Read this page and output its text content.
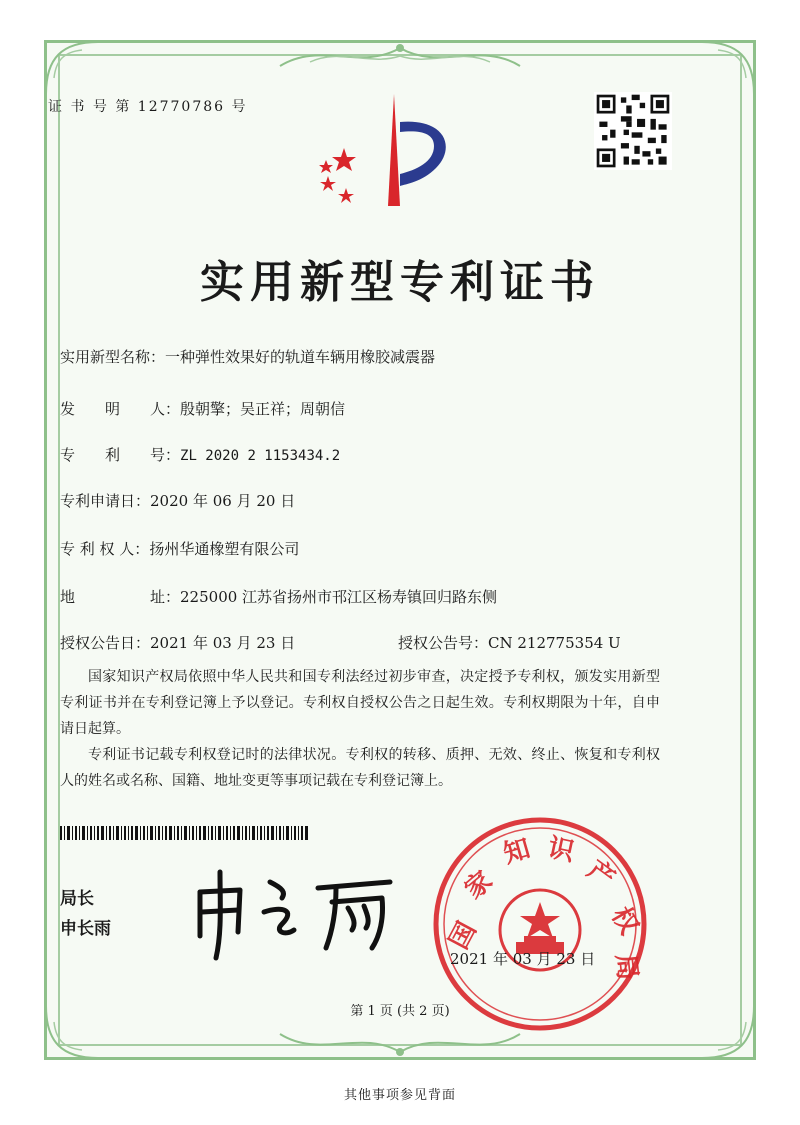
证 书 号 第 12770786 号
实用新型专利证书
实用新型名称：一种弹性效果好的轨道车辆用橡胶减震器
发　　明　　人：殷朝擎；吴正祥；周朝信
专　　利　　号：ZL 2020 2 1153434.2
专利申请日：2020 年 06 月 20 日
专 利 权 人：扬州华通橡塑有限公司
地　　　　　址：225000 江苏省扬州市邗江区杨寿镇回归路东侧
授权公告日：2021 年 03 月 23 日	授权公告号：CN 212775354 U
国家知识产权局依照中华人民共和国专利法经过初步审查，决定授予专利权，颁发实用新型专利证书并在专利登记簿上予以登记。专利权自授权公告之日起生效。专利权期限为十年，自申请日起算。
专利证书记载专利权登记时的法律状况。专利权的转移、质押、无效、终止、恢复和专利权人的姓名或名称、国籍、地址变更等事项记载在专利登记簿上。
局长
申长雨	国
家
知 识
产
权
局
2021 年 03 月 23 日
第 1 页 (共 2 页)
其他事项参见背面
